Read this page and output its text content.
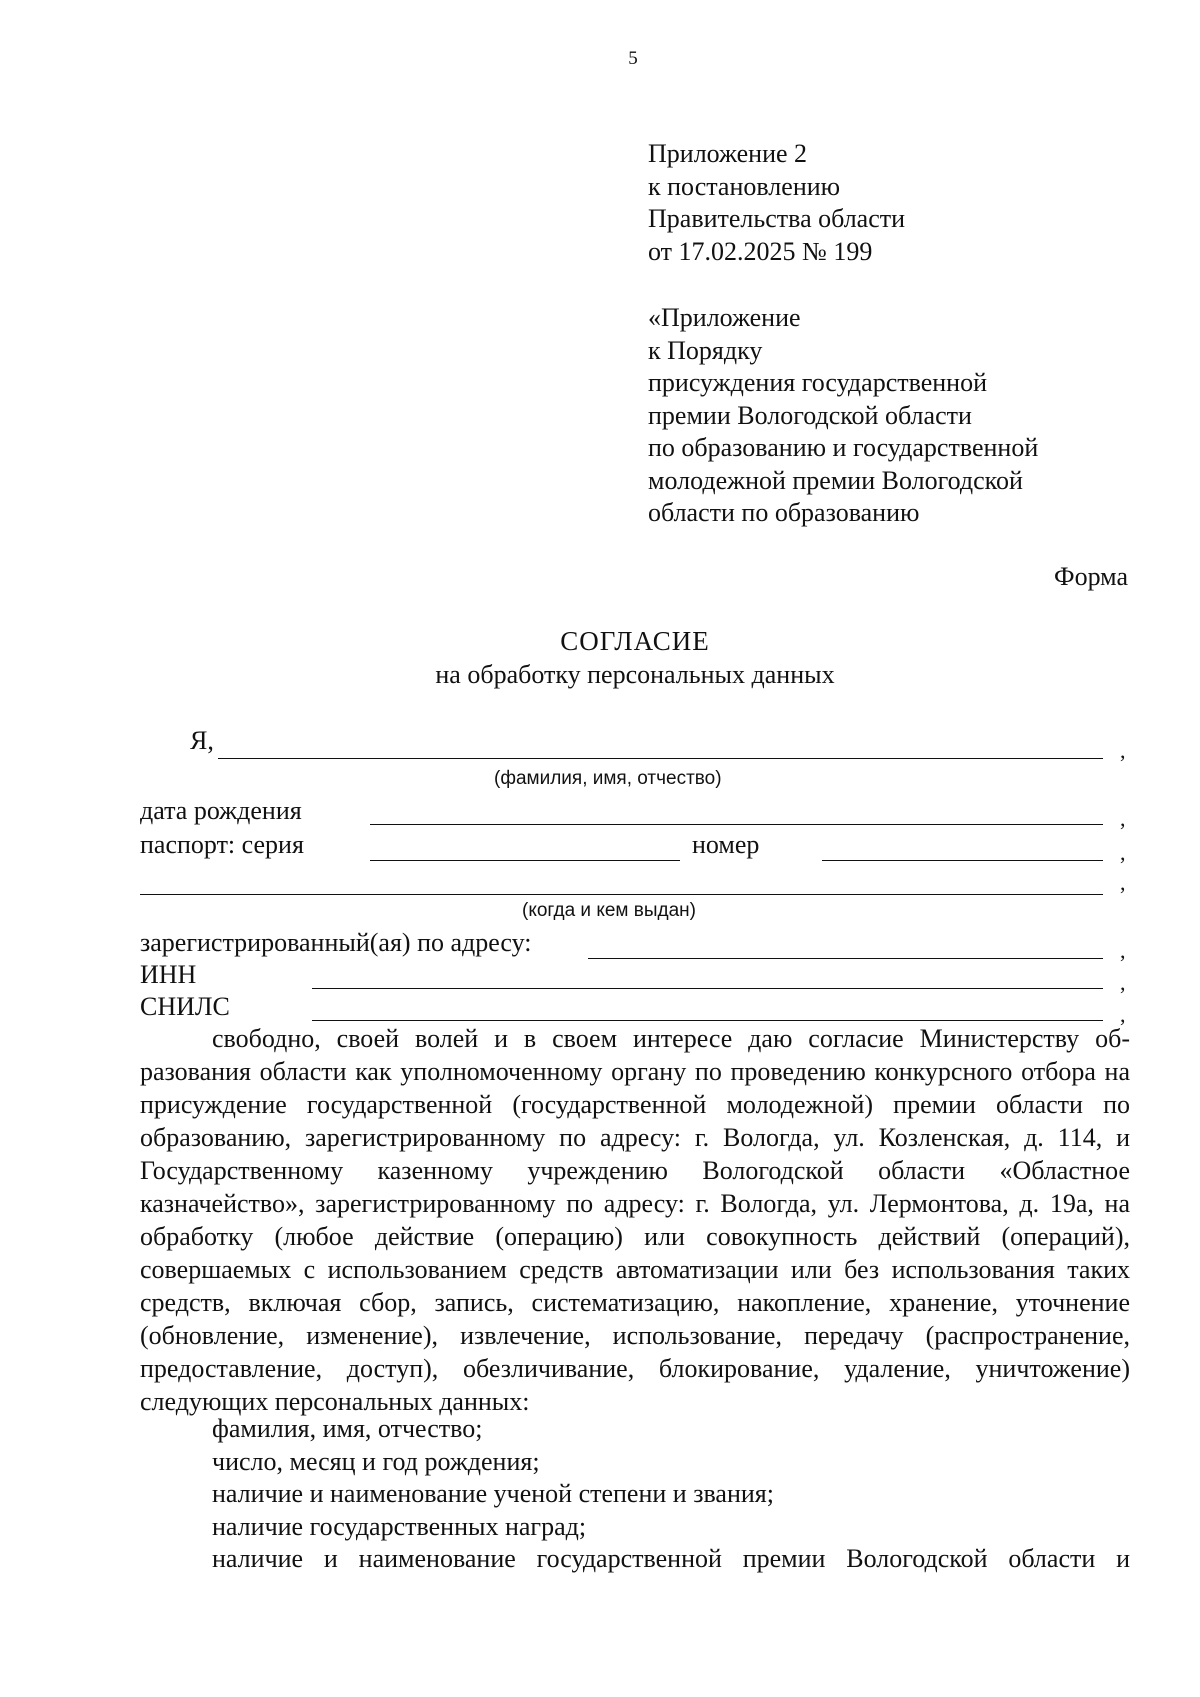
5
Приложение 2
к постановлению
Правительства области
от 17.02.2025 № 199
«Приложение
к Порядку
присуждения государственной
премии Вологодской области
по образованию и государственной
молодежной премии Вологодской
области по образованию
Форма
СОГЛАСИЕ
на обработку персональных данных
Я,	,
(фамилия, имя, отчество)
дата рождения	,
паспорт: серия	номер	,
,
(когда и кем выдан)
зарегистрированный(ая) по адресу:	,
ИНН	,
СНИЛС	,

свободно, своей волей и в своем интересе даю согласие Министерству образования области как уполномоченному органу по проведению конкурсного отбора на присуждение государственной (государственной молодежной) премии области по образованию, зарегистрированному по адресу: г. Вологда, ул. Козленская, д. 114, и Государственному казенному учреждению Вологодской области «Областное казначейство», зарегистрированному по адресу: г. Вологда, ул. Лермонтова, д. 19а, на обработку (любое действие (операцию) или совокупность действий (операций), совершаемых с использованием средств автоматизации или без использования таких средств, включая сбор, запись, систематизацию, накопление, хранение, уточнение (обновление, изменение), извлечение, использование, передачу (распространение, предоставление, доступ), обезличивание, блокирование, удаление, уничтожение) следующих персональных данных:

фамилия, имя, отчество;
число, месяц и год рождения;
наличие и наименование ученой степени и звания;
наличие государственных наград;
наличие и наименование государственной премии Вологодской области и
